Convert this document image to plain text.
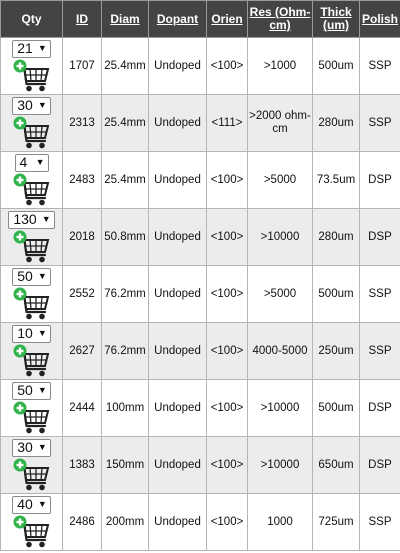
Qty	ID	Diam	Dopant	Orien	Res (Ohm-cm)	Thick (um)	Polish

21 ▼	1707	25.4mm	Undoped	<100>	>1000	500um	SSP

30 ▼	2313	25.4mm	Undoped	<111>	>2000 ohm-cm	280um	SSP

4 ▼	2483	25.4mm	Undoped	<100>	>5000	73.5um	DSP

130 ▼	2018	50.8mm	Undoped	<100>	>10000	280um	DSP

50 ▼	2552	76.2mm	Undoped	<100>	>5000	500um	SSP

10 ▼	2627	76.2mm	Undoped	<100>	4000-5000	250um	SSP

50 ▼	2444	100mm	Undoped	<100>	>10000	500um	DSP

30 ▼	1383	150mm	Undoped	<100>	>10000	650um	DSP

40 ▼	2486	200mm	Undoped	<100>	1000	725um	SSP
